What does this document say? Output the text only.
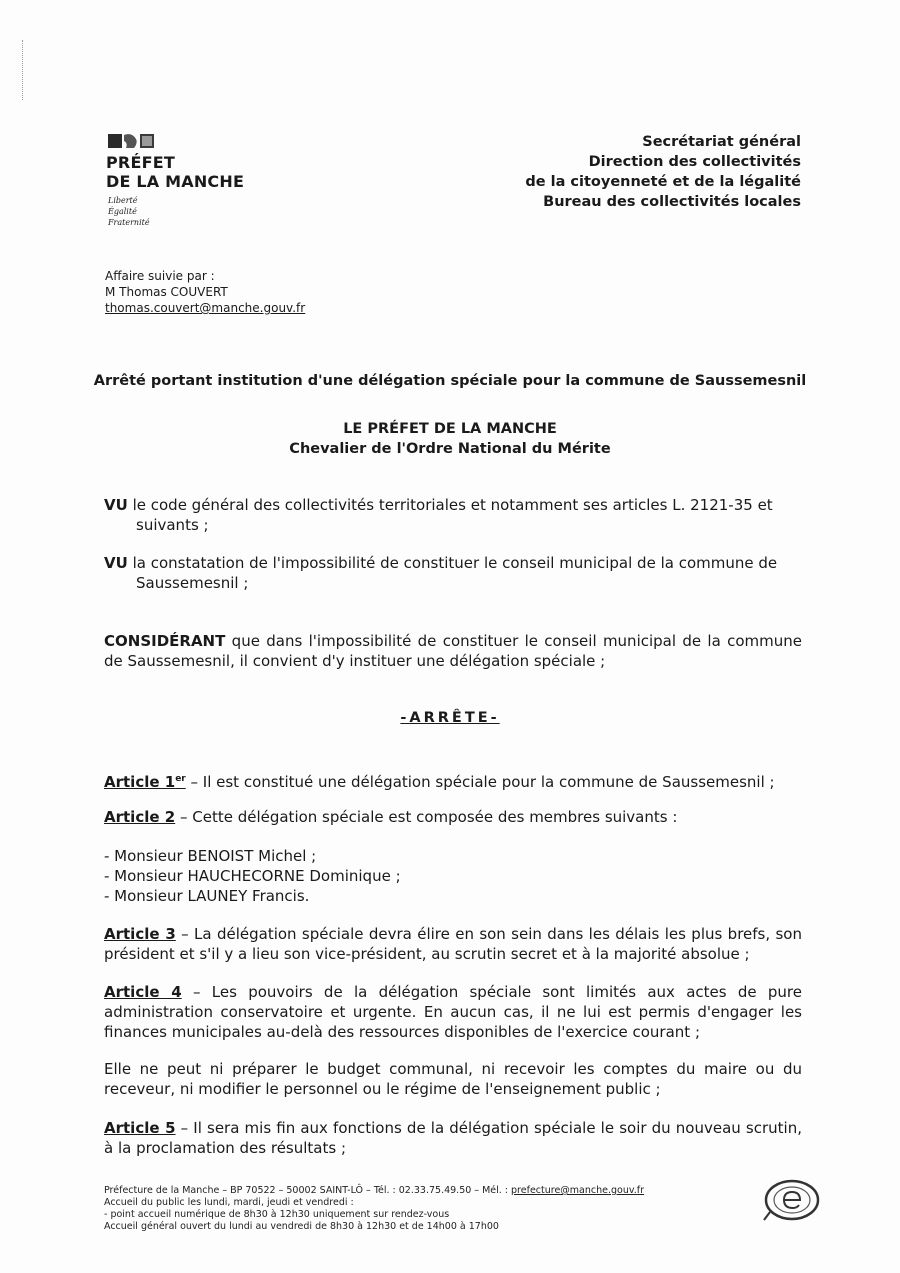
PRÉFET
DE LA MANCHE
Liberté
Égalité
Fraternité
Secrétariat général
Direction des collectivités
de la citoyenneté et de la légalité
Bureau des collectivités locales
Affaire suivie par :
M Thomas COUVERT
thomas.couvert@manche.gouv.fr
Arrêté portant institution d'une délégation spéciale pour la commune de Saussemesnil
LE PRÉFET DE LA MANCHE
Chevalier de l'Ordre National du Mérite
VU le code général des collectivités territoriales et notamment ses articles L. 2121-35 et
suivants ;
VU la constatation de l'impossibilité de constituer le conseil municipal de la commune de
Saussemesnil ;
CONSIDÉRANT que dans l'impossibilité de constituer le conseil municipal de la commune de Saussemesnil, il convient d'y instituer une délégation spéciale ;
-ARRÊTE-
Article 1er – Il est constitué une délégation spéciale pour la commune de Saussemesnil ;
Article 2 – Cette délégation spéciale est composée des membres suivants :
- Monsieur BENOIST Michel ;
- Monsieur HAUCHECORNE Dominique ;
- Monsieur LAUNEY Francis.
Article 3 – La délégation spéciale devra élire en son sein dans les délais les plus brefs, son président et s'il y a lieu son vice-président, au scrutin secret et à la majorité absolue ;
Article 4 – Les pouvoirs de la délégation spéciale sont limités aux actes de pure administration conservatoire et urgente. En aucun cas, il ne lui est permis d'engager les finances municipales au-delà des ressources disponibles de l'exercice courant ;
Elle ne peut ni préparer le budget communal, ni recevoir les comptes du maire ou du receveur, ni modifier le personnel ou le régime de l'enseignement public ;
Article 5 – Il sera mis fin aux fonctions de la délégation spéciale le soir du nouveau scrutin, à la proclamation des résultats ;
Préfecture de la Manche – BP 70522 – 50002 SAINT-LÔ – Tél. : 02.33.75.49.50 – Mél. : prefecture@manche.gouv.fr
Accueil du public les lundi, mardi, jeudi et vendredi :
- point accueil numérique de 8h30 à 12h30 uniquement sur rendez-vous
Accueil général ouvert du lundi au vendredi de 8h30 à 12h30 et de 14h00 à 17h00
